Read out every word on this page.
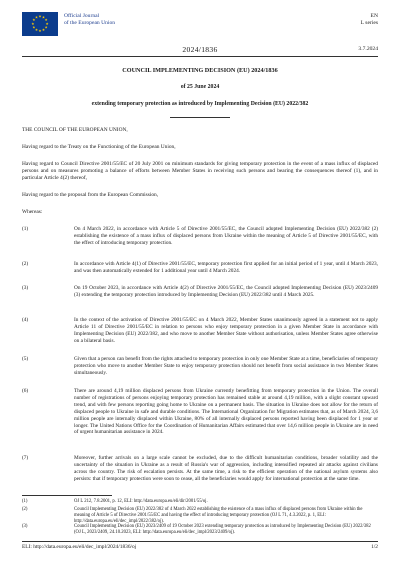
★ ★
★
★
★
★
★
★
★
★
★
★	Official Journal
of the European Union
EN
L series
2024/1836	3.7.2024
COUNCIL IMPLEMENTING DECISION (EU) 2024/1836
of 25 June 2024
extending temporary protection as introduced by Implementing Decision (EU) 2022/382
THE COUNCIL OF THE EUROPEAN UNION,
Having regard to the Treaty on the Functioning of the European Union,
Having regard to Council Directive 2001/55/EC of 20 July 2001 on minimum standards for giving temporary protection in the event of a mass influx of displaced persons and on measures promoting a balance of efforts between Member States in receiving such persons and bearing the consequences thereof (1), and in particular Article 4(2) thereof,
Having regard to the proposal from the European Commission,
Whereas:
(1)	On 4 March 2022, in accordance with Article 5 of Directive 2001/55/EC, the Council adopted Implementing Decision (EU) 2022/382 (2) establishing the existence of a mass influx of displaced persons from Ukraine within the meaning of Article 5 of Directive 2001/55/EC, with the effect of introducing temporary protection.
(2)	In accordance with Article 4(1) of Directive 2001/55/EC, temporary protection first applied for an initial period of 1 year, until 4 March 2023, and was then automatically extended for 1 additional year until 4 March 2024.
(3)	On 19 October 2023, in accordance with Article 4(2) of Directive 2001/55/EC, the Council adopted Implementing Decision (EU) 2023/2409 (3) extending the temporary protection introduced by Implementing Decision (EU) 2022/382 until 4 March 2025.
(4)	In the context of the activation of Directive 2001/55/EC on 4 March 2022, Member States unanimously agreed in a statement not to apply Article 11 of Directive 2001/55/EC in relation to persons who enjoy temporary protection in a given Member State in accordance with Implementing Decision (EU) 2022/382, and who move to another Member State without authorisation, unless Member States agree otherwise on a bilateral basis.
(5)	Given that a person can benefit from the rights attached to temporary protection in only one Member State at a time, beneficiaries of temporary protection who move to another Member State to enjoy temporary protection should not benefit from social assistance in two Member States simultaneously.
(6)	There are around 4,19 million displaced persons from Ukraine currently benefitting from temporary protection in the Union. The overall number of registrations of persons enjoying temporary protection has remained stable at around 4,19 million, with a slight constant upward trend, and with few persons reporting going home to Ukraine on a permanent basis. The situation in Ukraine does not allow for the return of displaced people to Ukraine in safe and durable conditions. The International Organization for Migration estimates that, as of March 2024, 3,6 million people are internally displaced within Ukraine, 80% of all internally displaced persons reported having been displaced for 1 year or longer. The United Nations Office for the Coordination of Humanitarian Affairs estimated that over 14,6 million people in Ukraine are in need of urgent humanitarian assistance in 2024.
(7)	Moreover, further arrivals on a large scale cannot be excluded, due to the difficult humanitarian conditions, broader volatility and the uncertainty of the situation in Ukraine as a result of Russia's war of aggression, including intensified repeated air attacks against civilians across the country. The risk of escalation persists. At the same time, a risk to the efficient operation of the national asylum systems also persists: that if temporary protection were soon to cease, all the beneficiaries would apply for international protection at the same time.
(1)	OJ L 212, 7.8.2001, p. 12, ELI: http://data.europa.eu/eli/dir/2001/55/oj.
(2)	Council Implementing Decision (EU) 2022/382 of 4 March 2022 establishing the existence of a mass influx of displaced persons from Ukraine within the meaning of Article 5 of Directive 2001/55/EC and having the effect of introducing temporary protection (OJ L 71, 4.3.2022, p. 1, ELI: http://data.europa.eu/eli/dec_impl/2022/382/oj).
(3)	Council Implementing Decision (EU) 2023/2409 of 19 October 2023 extending temporary protection as introduced by Implementing Decision (EU) 2022/382 (OJ L, 2023/2409, 24.10.2023, ELI: http://data.europa.eu/eli/dec_impl/2023/2409/oj).
ELI: http://data.europa.eu/eli/dec_impl/2024/1836/oj	1/2
